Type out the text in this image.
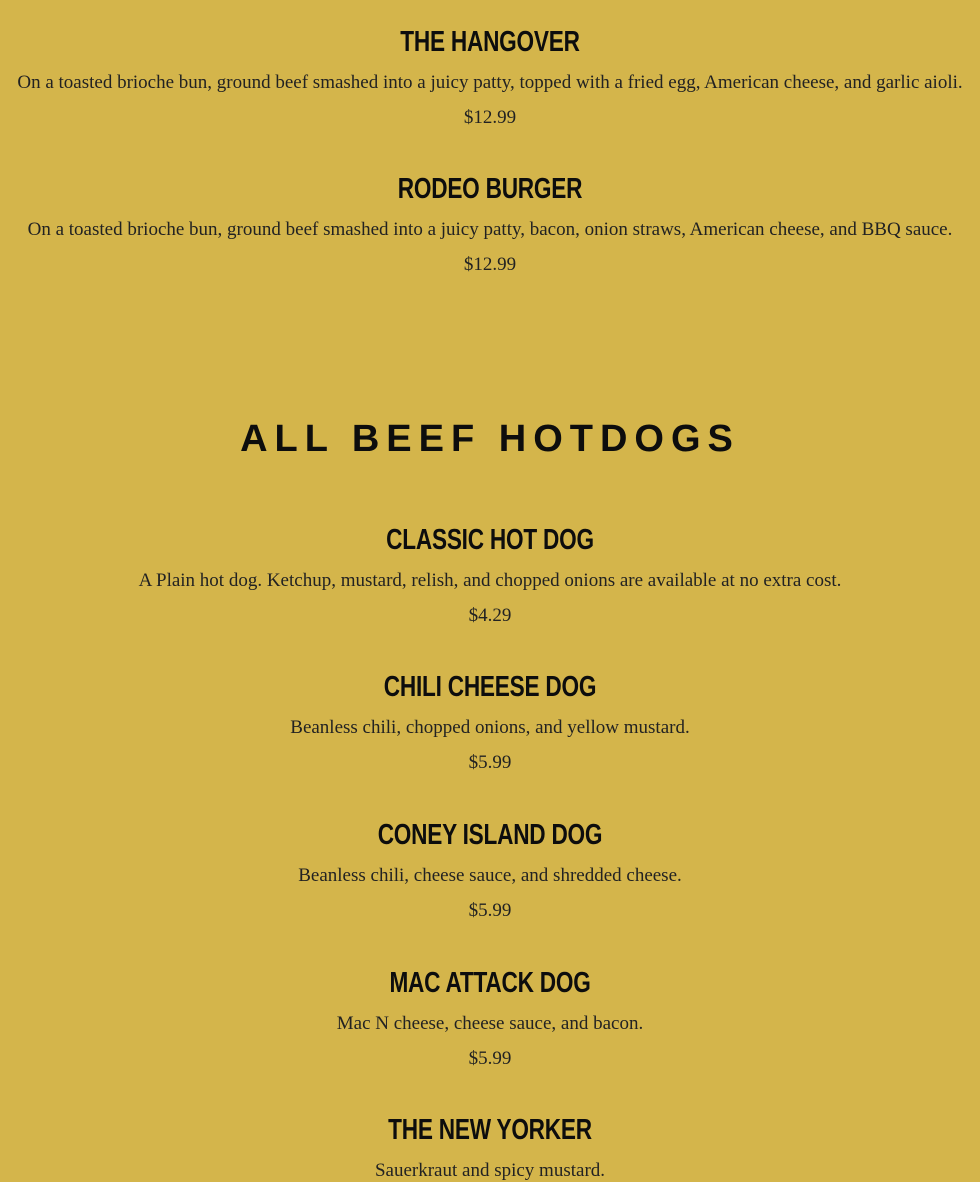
THE HANGOVER
On a toasted brioche bun, ground beef smashed into a juicy patty, topped with a fried egg, American cheese, and garlic aioli.
$12.99
RODEO BURGER
On a toasted brioche bun, ground beef smashed into a juicy patty, bacon, onion straws, American cheese, and BBQ sauce.
$12.99
ALL BEEF HOTDOGS
CLASSIC HOT DOG
A Plain hot dog. Ketchup, mustard, relish, and chopped onions are available at no extra cost.
$4.29
CHILI CHEESE DOG
Beanless chili, chopped onions, and yellow mustard.
$5.99
CONEY ISLAND DOG
Beanless chili, cheese sauce, and shredded cheese.
$5.99
MAC ATTACK DOG
Mac N cheese, cheese sauce, and bacon.
$5.99
THE NEW YORKER
Sauerkraut and spicy mustard.
